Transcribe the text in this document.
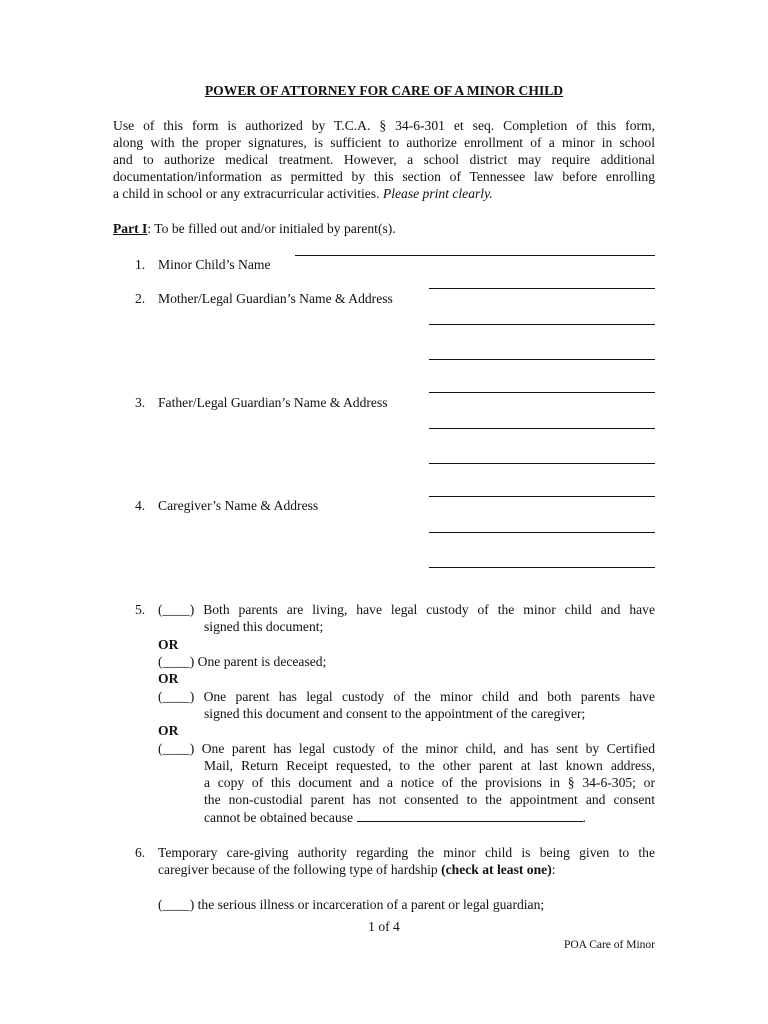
POWER OF ATTORNEY FOR CARE OF A MINOR CHILD
Use of this form is authorized by T.C.A. § 34-6-301 et seq. Completion of this form,
along with the proper signatures, is sufficient to authorize enrollment of a minor in school
and to authorize medical treatment. However, a school district may require additional
documentation/information as permitted by this section of Tennessee law before enrolling
a child in school or any extracurricular activities. Please print clearly.
Part I: To be filled out and/or initialed by parent(s).
1. Minor Child’s Name
2. Mother/Legal Guardian’s Name & Address
3. Father/Legal Guardian’s Name & Address
4. Caregiver’s Name & Address
5. (____) Both parents are living, have legal custody of the minor child and have
signed this document;
OR
(____) One parent is deceased;
OR
(____) One parent has legal custody of the minor child and both parents have
signed this document and consent to the appointment of the caregiver;
OR
(____) One parent has legal custody of the minor child, and has sent by Certified
Mail, Return Receipt requested, to the other parent at last known address,
a copy of this document and a notice of the provisions in § 34-6-305; or
the non-custodial parent has not consented to the appointment and consent
cannot be obtained because	.
6. Temporary care-giving authority regarding the minor child is being given to the
caregiver because of the following type of hardship (check at least one):
(____) the serious illness or incarceration of a parent or legal guardian;
1 of 4
POA Care of Minor
